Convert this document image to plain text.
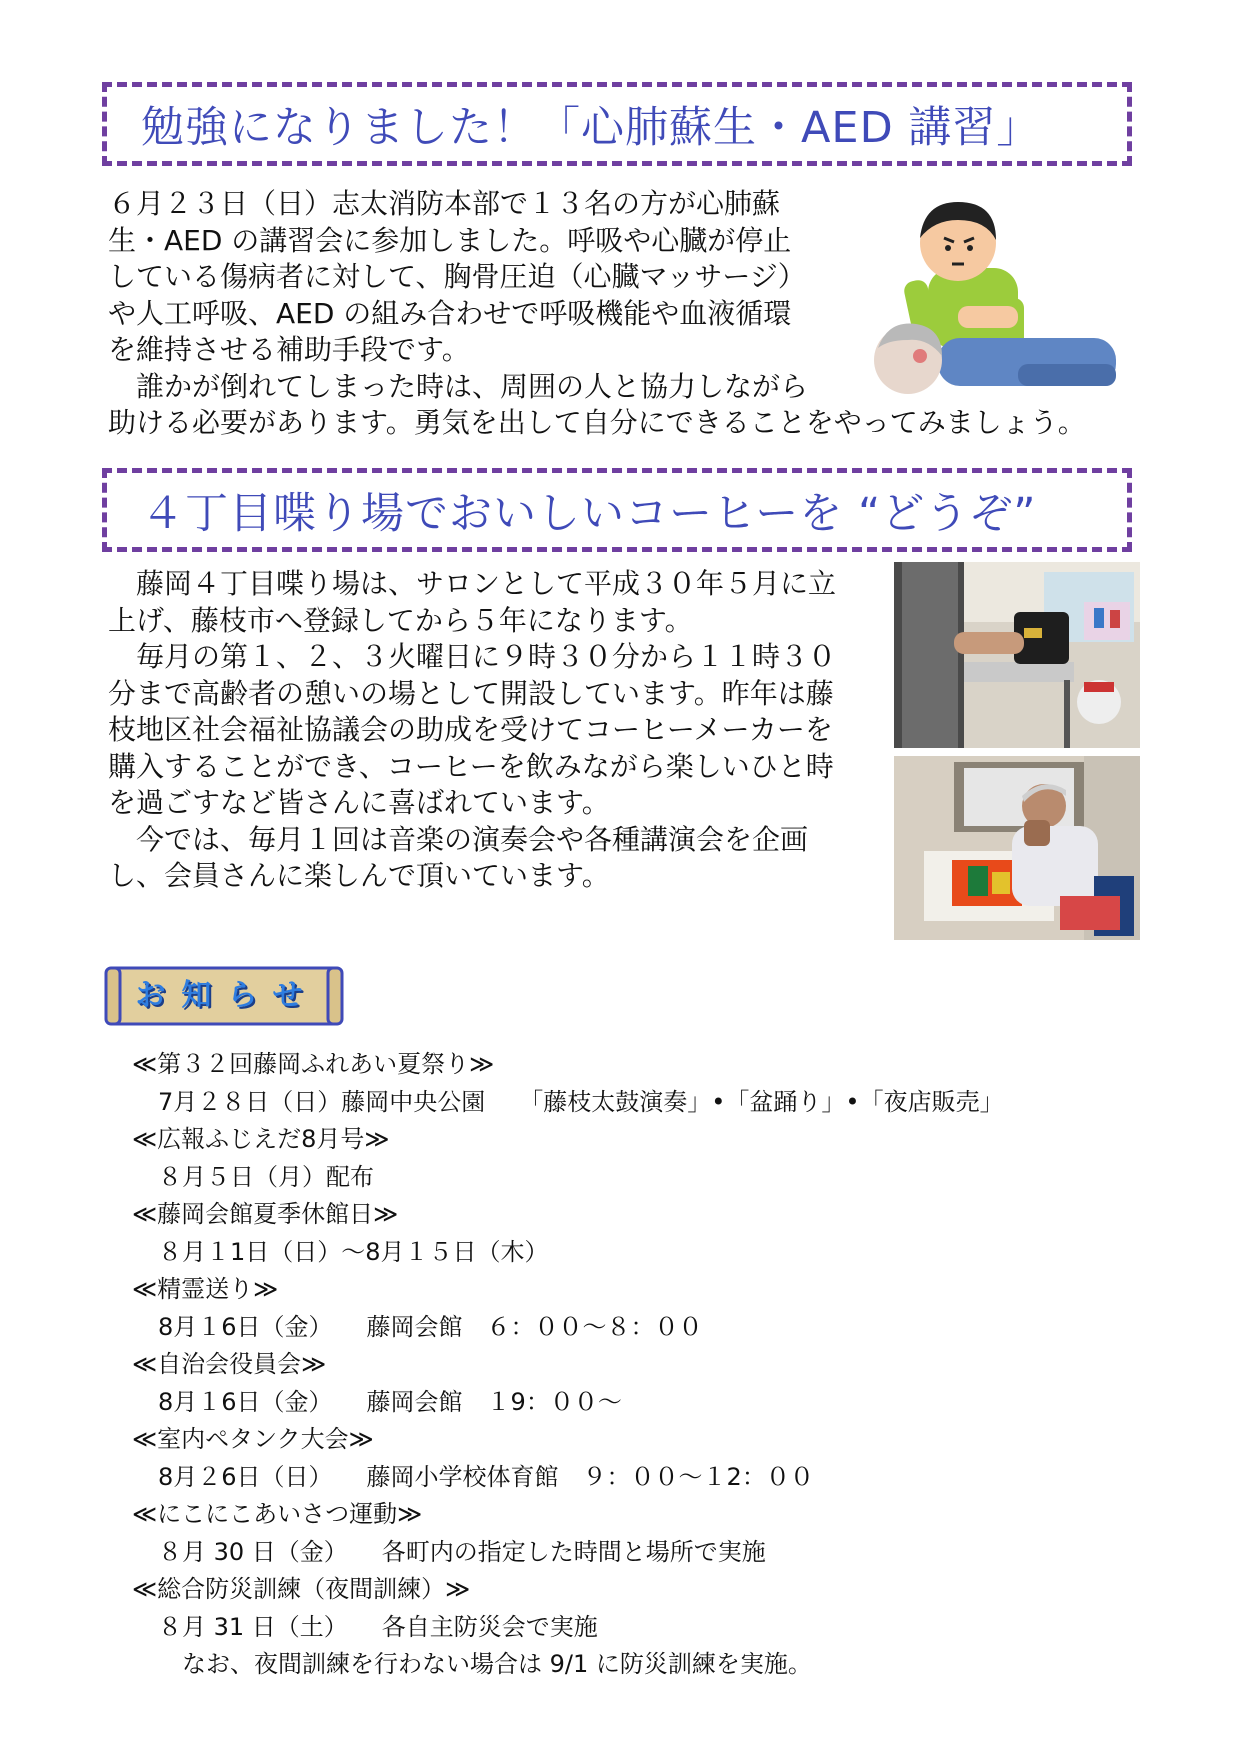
勉強になりました！「心肺蘇生・AED 講習」
６月２３日（日）志太消防本部で１３名の方が心肺蘇
生・AED の講習会に参加しました。呼吸や心臓が停止
している傷病者に対して、胸骨圧迫（心臓マッサージ）
や人工呼吸、AED の組み合わせで呼吸機能や血液循環
を維持させる補助手段です。
　誰かが倒れてしまった時は、周囲の人と協力しながら
助ける必要があります。勇気を出して自分にできることをやってみましょう。
４丁目喋り場でおいしいコーヒーを “どうぞ”
　藤岡４丁目喋り場は、サロンとして平成３０年５月に立
上げ、藤枝市へ登録してから５年になります。
　毎月の第１、２、３火曜日に９時３０分から１１時３０
分まで高齢者の憩いの場として開設しています。昨年は藤
枝地区社会福祉協議会の助成を受けてコーヒーメーカーを
購入することができ、コーヒーを飲みながら楽しいひと時
を過ごすなど皆さんに喜ばれています。
　今では、毎月１回は音楽の演奏会や各種講演会を企画
し、会員さんに楽しんで頂いています。
お知らせ
≪第３２回藤岡ふれあい夏祭り≫
7月２８日（日）藤岡中央公園 「藤枝太鼓演奏」•「盆踊り」•「夜店販売」
≪広報ふじえだ8月号≫
８月５日（月）配布
≪藤岡会館夏季休館日≫
８月１1日（日）～8月１５日（木）
≪精霊送り≫
8月１6日（金） 藤岡会館　６：００～８：００
≪自治会役員会≫
8月１6日（金） 藤岡会館　１9：００～
≪室内ペタンク大会≫
8月２6日（日） 藤岡小学校体育館　９：００～１2：００
≪にこにこあいさつ運動≫
８月 30 日（金） 各町内の指定した時間と場所で実施
≪総合防災訓練（夜間訓練）≫
８月 31 日（土） 各自主防災会で実施
なお、夜間訓練を行わない場合は 9/1 に防災訓練を実施。
